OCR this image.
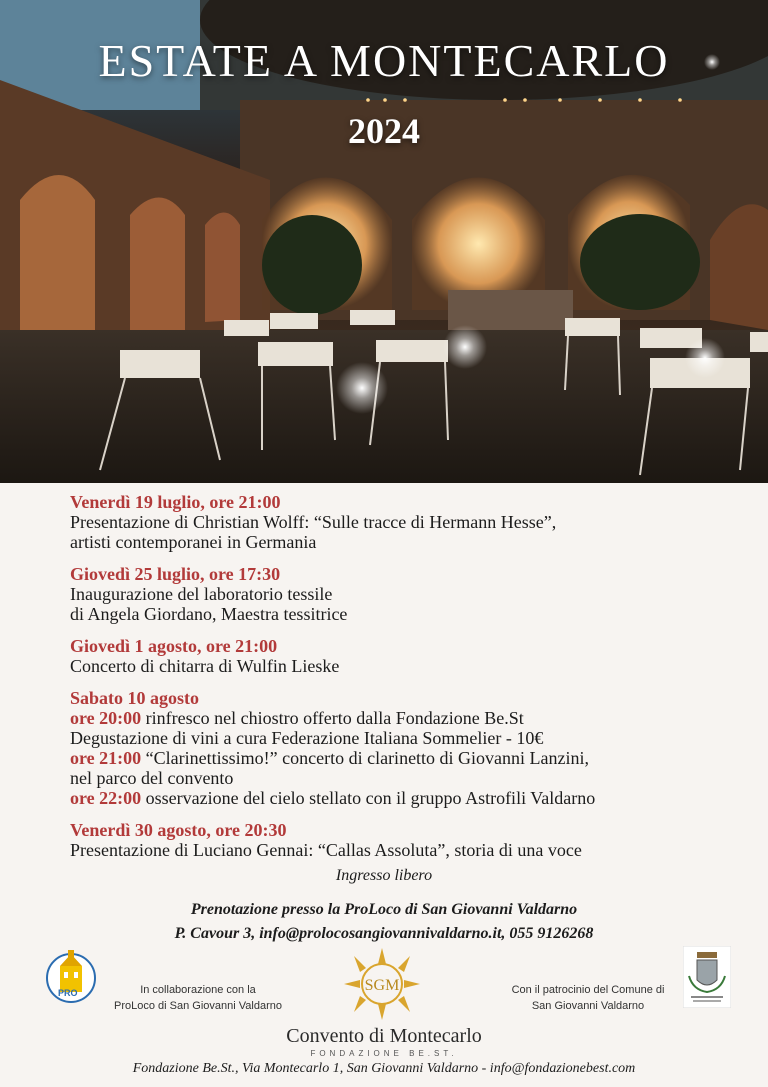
ESTATE A MONTECARLO
2024
Venerdì 19 luglio, ore 21:00
Presentazione di Christian Wolff: “Sulle tracce di Hermann Hesse”,
artisti contemporanei in Germania
Giovedì 25 luglio, ore 17:30
Inaugurazione del laboratorio tessile
di Angela Giordano, Maestra tessitrice
Giovedì 1 agosto, ore 21:00
Concerto di chitarra di Wulfin Lieske
Sabato 10 agosto
ore 20:00 rinfresco nel chiostro offerto dalla Fondazione Be.St
Degustazione di vini a cura Federazione Italiana Sommelier - 10€
ore 21:00 “Clarinettissimo!” concerto di clarinetto di Giovanni Lanzini,
nel parco del convento
ore 22:00 osservazione del cielo stellato con il gruppo Astrofili Valdarno
Venerdì 30 agosto, ore 20:30
Presentazione di Luciano Gennai: “Callas Assoluta”, storia di una voce
Ingresso libero
Prenotazione presso la ProLoco di San Giovanni Valdarno
P. Cavour 3, info@prolocosangiovannivaldarno.it, 055 9126268
PRO	In collaborazione con la
ProLoco di San Giovanni Valdarno
SGM	Con il patrocinio del Comune di
San Giovanni Valdarno
Convento di Montecarlo
FONDAZIONE BE.ST.
Fondazione Be.St., Via Montecarlo 1, San Giovanni Valdarno - info@fondazionebest.com
